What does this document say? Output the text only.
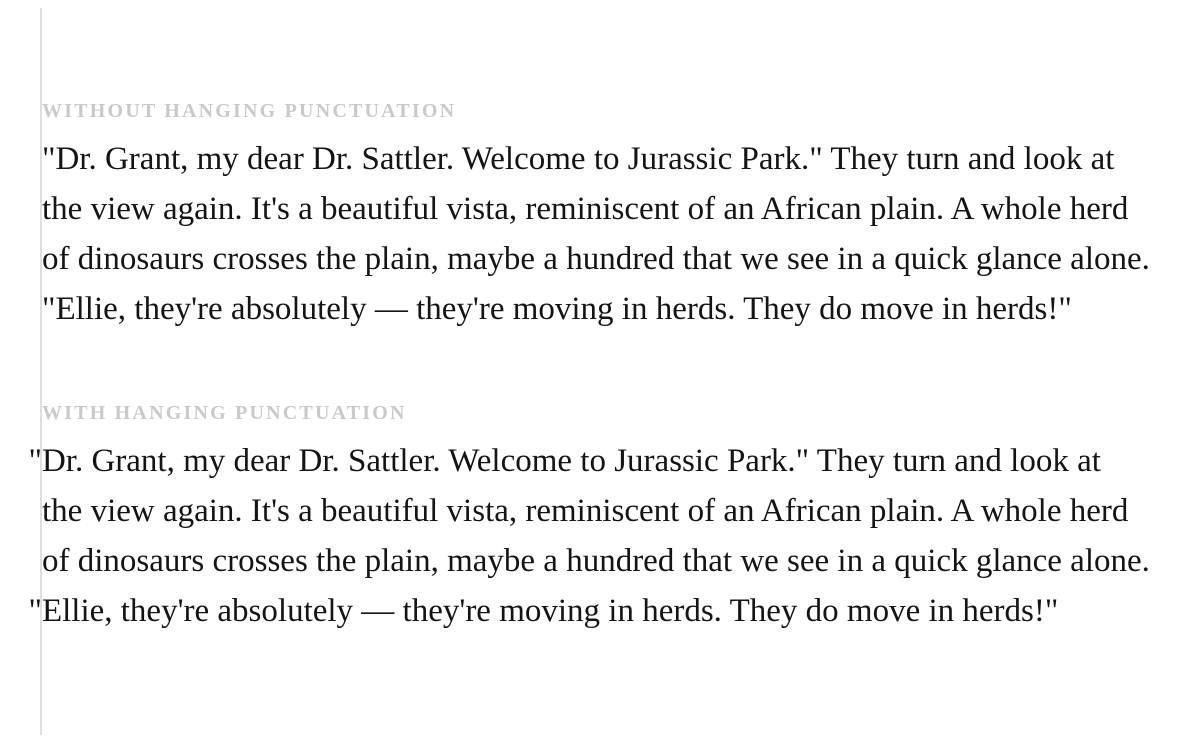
WITHOUT HANGING PUNCTUATION
"Dr. Grant, my dear Dr. Sattler. Welcome to Jurassic Park." They turn and look at
the view again. It's a beautiful vista, reminiscent of an African plain. A whole herd
of dinosaurs crosses the plain, maybe a hundred that we see in a quick glance alone.
"Ellie, they're absolutely — they're moving in herds. They do move in herds!"
WITH HANGING PUNCTUATION
"Dr. Grant, my dear Dr. Sattler. Welcome to Jurassic Park." They turn and look at
the view again. It's a beautiful vista, reminiscent of an African plain. A whole herd
of dinosaurs crosses the plain, maybe a hundred that we see in a quick glance alone.
"Ellie, they're absolutely — they're moving in herds. They do move in herds!"
